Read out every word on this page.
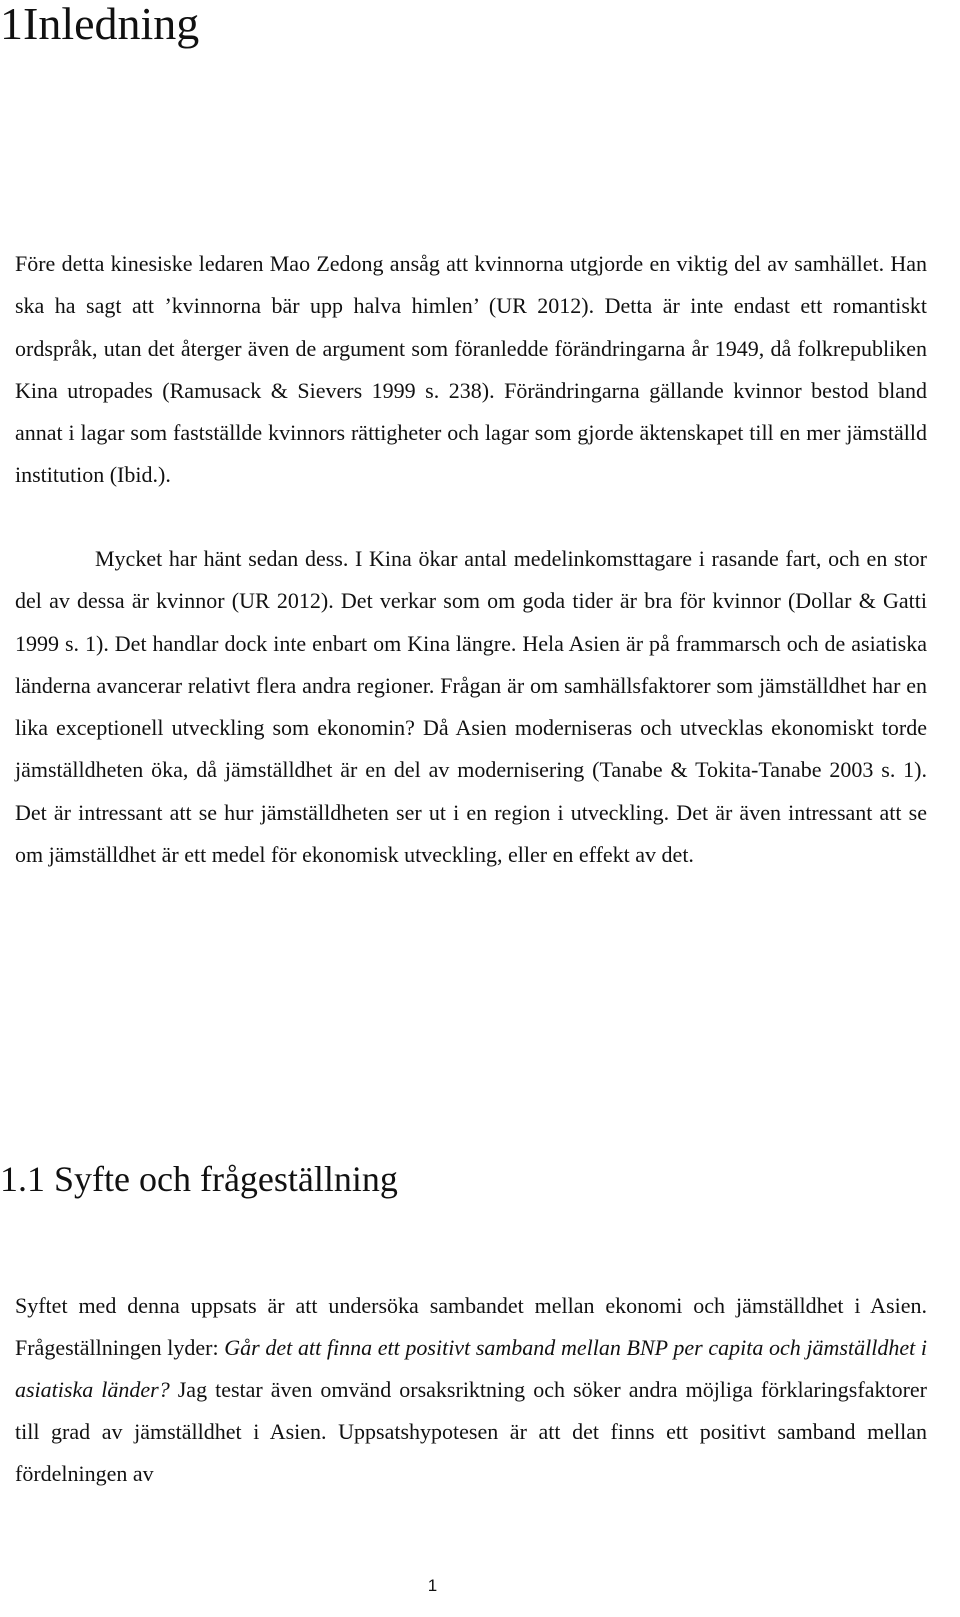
1Inledning

Före detta kinesiske ledaren Mao Zedong ansåg att kvinnorna utgjorde en viktig del av samhället. Han ska ha sagt att ’kvinnorna bär upp halva himlen’ (UR 2012). Detta är inte endast ett romantiskt ordspråk, utan det återger även de argument som föranledde förändringarna år 1949, då folkrepubliken Kina utropades (Ramusack & Sievers 1999 s. 238). Förändringarna gällande kvinnor bestod bland annat i lagar som fastställde kvinnors rättigheter och lagar som gjorde äktenskapet till en mer jämställd institution (Ibid.).

Mycket har hänt sedan dess. I Kina ökar antal medelinkomsttagare i rasande fart, och en stor del av dessa är kvinnor (UR 2012). Det verkar som om goda tider är bra för kvinnor (Dollar & Gatti 1999 s. 1). Det handlar dock inte enbart om Kina längre. Hela Asien är på frammarsch och de asiatiska länderna avancerar relativt flera andra regioner. Frågan är om samhällsfaktorer som jämställdhet har en lika exceptionell utveckling som ekonomin? Då Asien moderniseras och utvecklas ekonomiskt torde jämställdheten öka, då jämställdhet är en del av modernisering (Tanabe & Tokita-Tanabe 2003 s. 1). Det är intressant att se hur jämställdheten ser ut i en region i utveckling. Det är även intressant att se om jämställdhet är ett medel för ekonomisk utveckling, eller en effekt av det.

1.1 Syfte och frågeställning

Syftet med denna uppsats är att undersöka sambandet mellan ekonomi och jämställdhet i Asien. Frågeställningen lyder: Går det att finna ett positivt samband mellan BNP per capita och jämställdhet i asiatiska länder? Jag testar även omvänd orsaksriktning och söker andra möjliga förklaringsfaktorer till grad av jämställdhet i Asien. Uppsatshypotesen är att det finns ett positivt samband mellan fördelningen av

1
